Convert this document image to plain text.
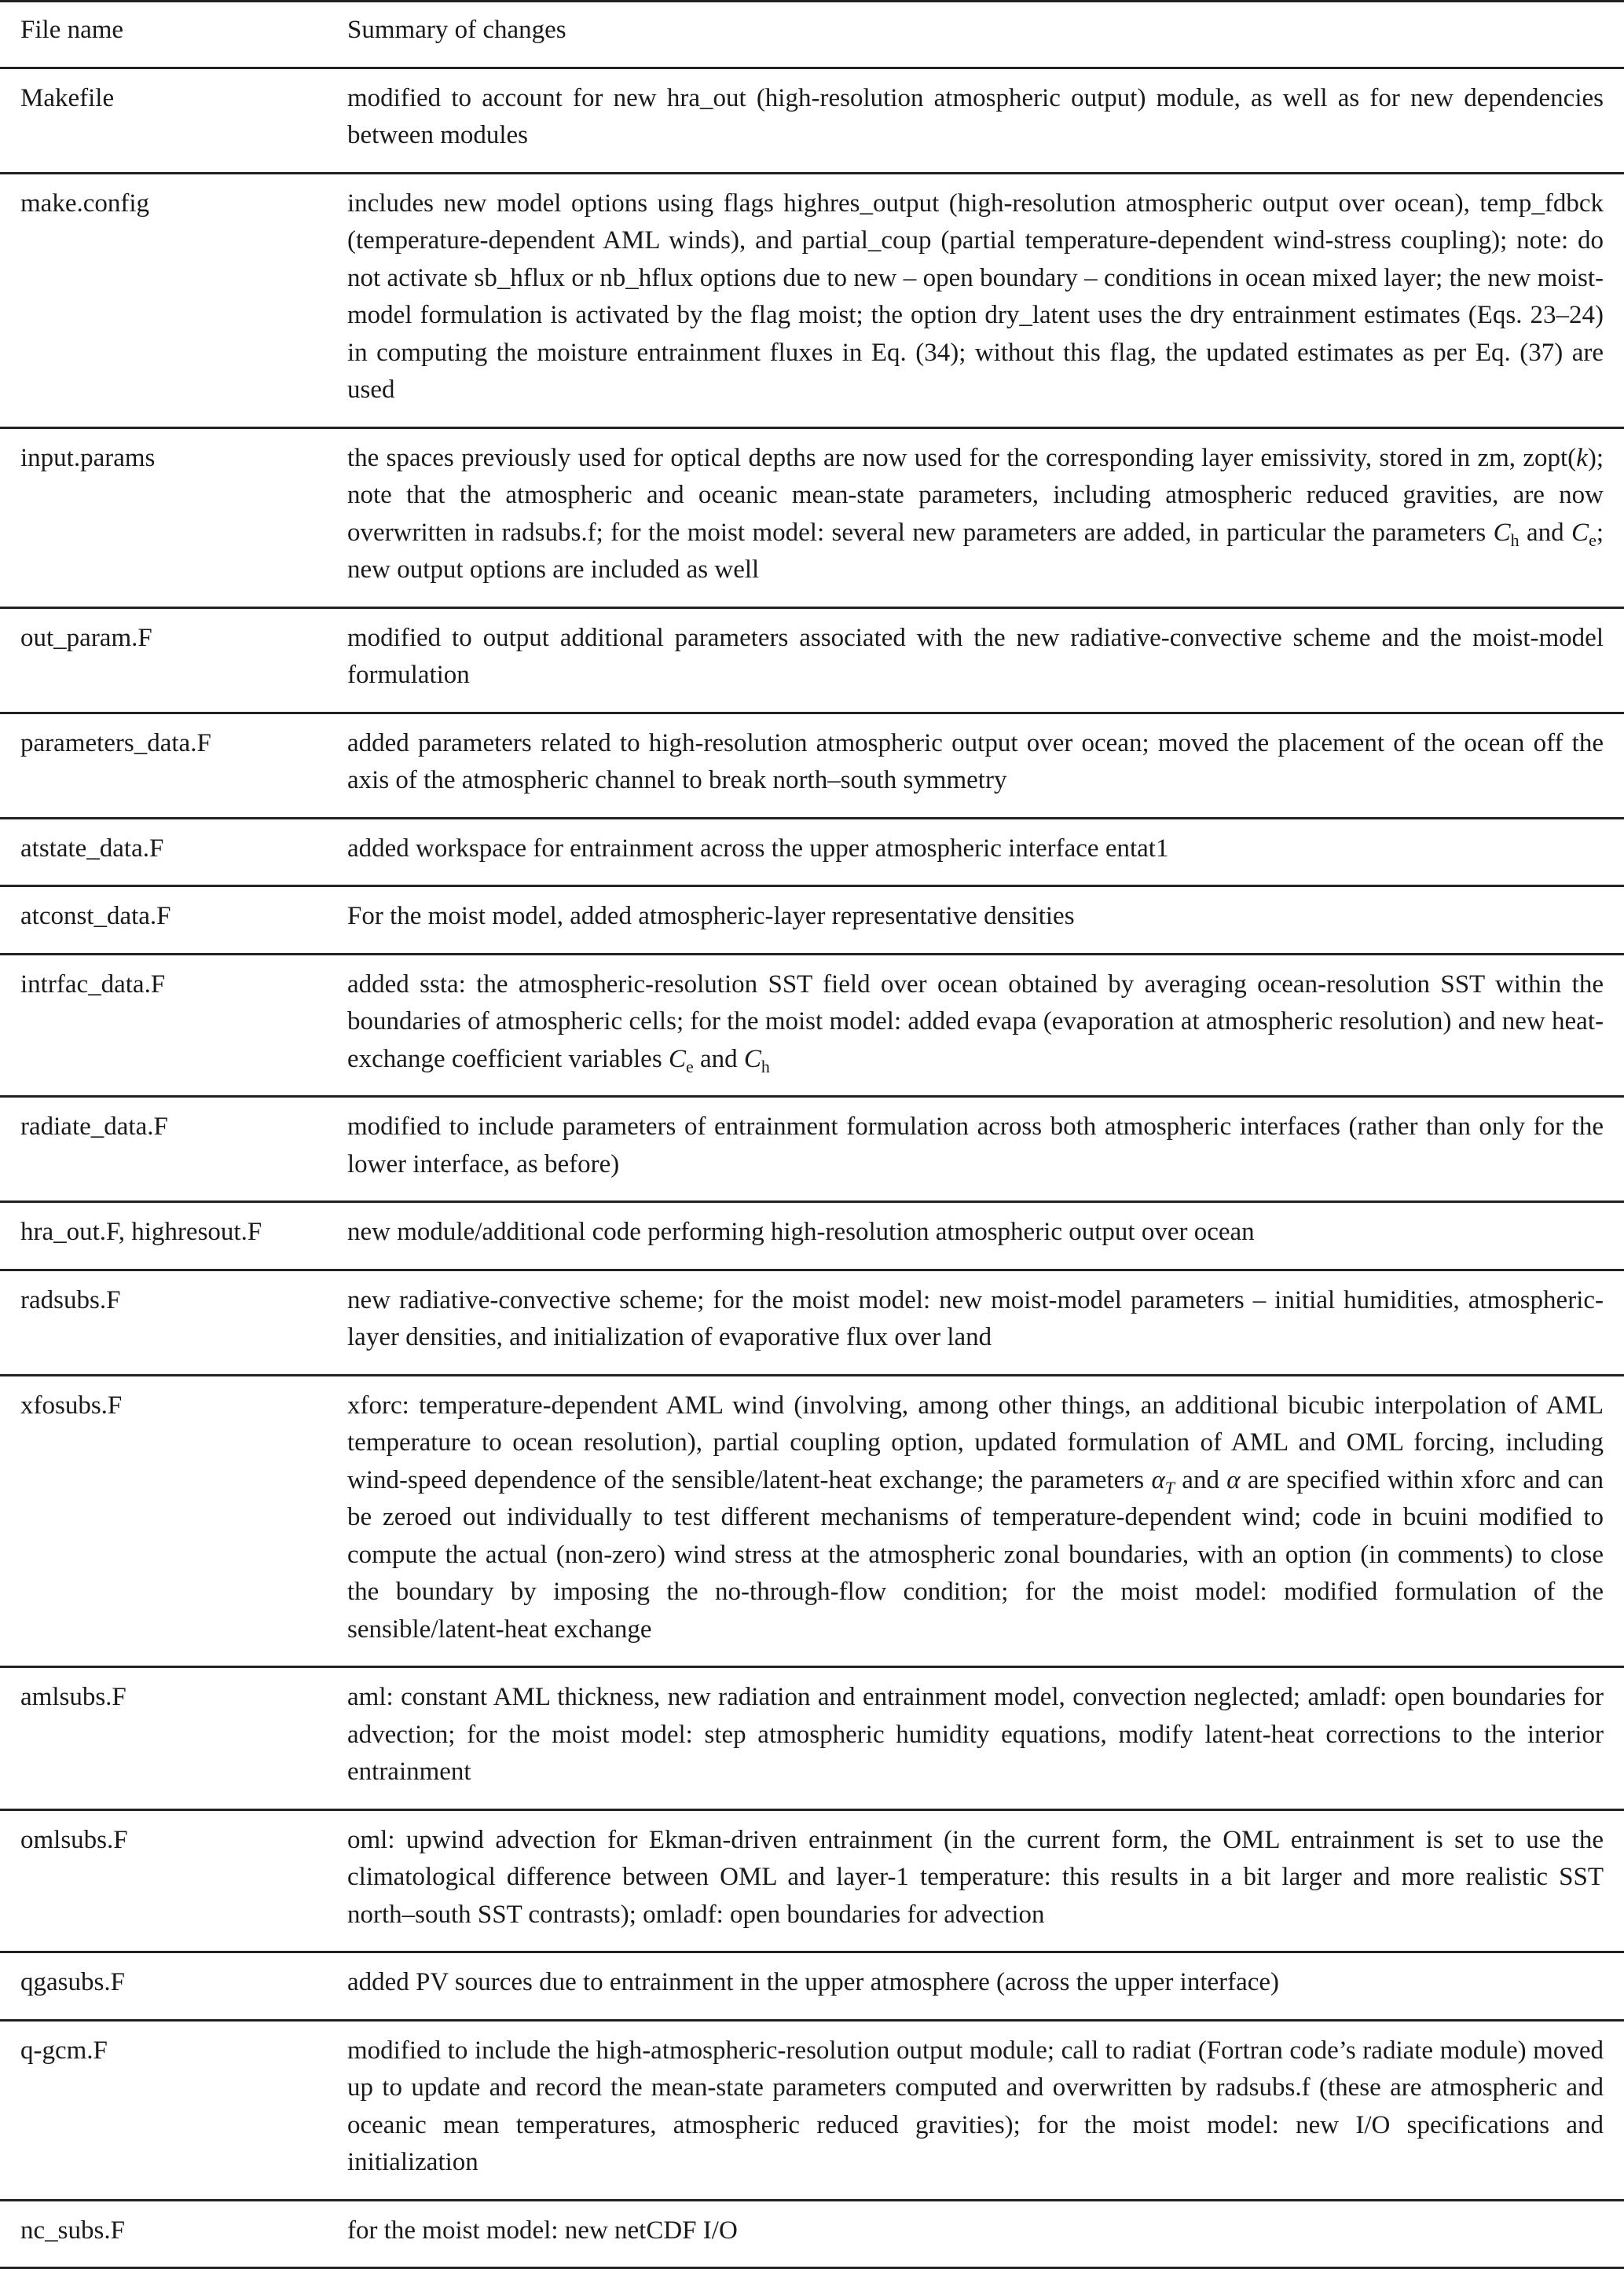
File name	Summary of changes
Makefile	modified to account for new hra_out (high-resolution atmospheric output) module, as well as for new dependencies between modules
make.config	includes new model options using flags highres_output (high-resolution atmospheric output over ocean), temp_fdbck (temperature-dependent AML winds), and partial_coup (partial temperature-dependent wind-stress coupling); note: do not activate sb_hflux or nb_hflux options due to new – open boundary – conditions in ocean mixed layer; the new moist-model formulation is activated by the flag moist; the option dry_latent uses the dry entrainment estimates (Eqs. 23–24) in computing the moisture entrainment fluxes in Eq. (34); without this flag, the updated estimates as per Eq. (37) are used
input.params	the spaces previously used for optical depths are now used for the corresponding layer emissivity, stored in zm, zopt(k); note that the atmospheric and oceanic mean-state parameters, including atmospheric reduced gravities, are now overwritten in radsubs.f; for the moist model: several new parameters are added, in particular the parameters $C_h$ and $C_e$; new output options are included as well
out_param.F	modified to output additional parameters associated with the new radiative-convective scheme and the moist-model formulation
parameters_data.F	added parameters related to high-resolution atmospheric output over ocean; moved the placement of the ocean off the axis of the atmospheric channel to break north–south symmetry
atstate_data.F	added workspace for entrainment across the upper atmospheric interface entat1
atconst_data.F	For the moist model, added atmospheric-layer representative densities
intrfac_data.F	added ssta: the atmospheric-resolution SST field over ocean obtained by averaging ocean-resolution SST within the boundaries of atmospheric cells; for the moist model: added evapa (evaporation at atmospheric resolution) and new heat-exchange coefficient variables $C_e$ and $C_h$
radiate_data.F	modified to include parameters of entrainment formulation across both atmospheric interfaces (rather than only for the lower interface, as before)
hra_out.F, highresout.F	new module/additional code performing high-resolution atmospheric output over ocean
radsubs.F	new radiative-convective scheme; for the moist model: new moist-model parameters – initial humidities, atmospheric-layer densities, and initialization of evaporative flux over land
xfosubs.F	xforc: temperature-dependent AML wind (involving, among other things, an additional bicubic interpolation of AML temperature to ocean resolution), partial coupling option, updated formulation of AML and OML forcing, including wind-speed dependence of the sensible/latent-heat exchange; the parameters $\alpha_T$ and α are specified within xforc and can be zeroed out individually to test different mechanisms of temperature-dependent wind; code in bcuini modified to compute the actual (non-zero) wind stress at the atmospheric zonal boundaries, with an option (in comments) to close the boundary by imposing the no-through-flow condition; for the moist model: modified formulation of the sensible/latent-heat exchange
amlsubs.F	aml: constant AML thickness, new radiation and entrainment model, convection neglected; amladf: open boundaries for advection; for the moist model: step atmospheric humidity equations, modify latent-heat corrections to the interior entrainment
omlsubs.F	oml: upwind advection for Ekman-driven entrainment (in the current form, the OML entrainment is set to use the climatological difference between OML and layer-1 temperature: this results in a bit larger and more realistic SST north–south SST contrasts); omladf: open boundaries for advection
qgasubs.F	added PV sources due to entrainment in the upper atmosphere (across the upper interface)
q-gcm.F	modified to include the high-atmospheric-resolution output module; call to radiat (Fortran code’s radiate module) moved up to update and record the mean-state parameters computed and overwritten by radsubs.f (these are atmospheric and oceanic mean temperatures, atmospheric reduced gravities); for the moist model: new I/O specifications and initialization
nc_subs.F	for the moist model: new netCDF I/O
